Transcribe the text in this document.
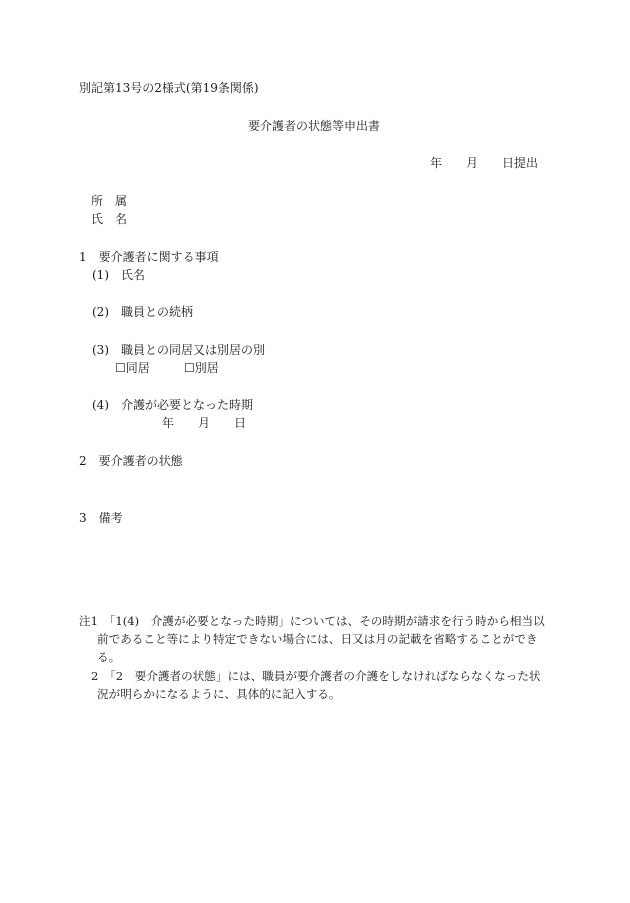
別記第13号の2様式(第19条関係)

要介護者の状態等申出書

年　　月　　日提出

所　属

氏　名

1　要介護者に関する事項

(1)　氏名

(2)　職員との続柄

(3)　職員との同居又は別居の別

☐同居	☐別居

(4)　介護が必要となった時期

年　　月　　日

2　要介護者の状態

3　備考

注1　「1(4)　介護が必要となった時期」については、その時期が請求を行う時から相当以

前であること等により特定できない場合には、日又は月の記載を省略することができ

る。

2　「2　要介護者の状態」には、職員が要介護者の介護をしなければならなくなった状

況が明らかになるように、具体的に記入する。
